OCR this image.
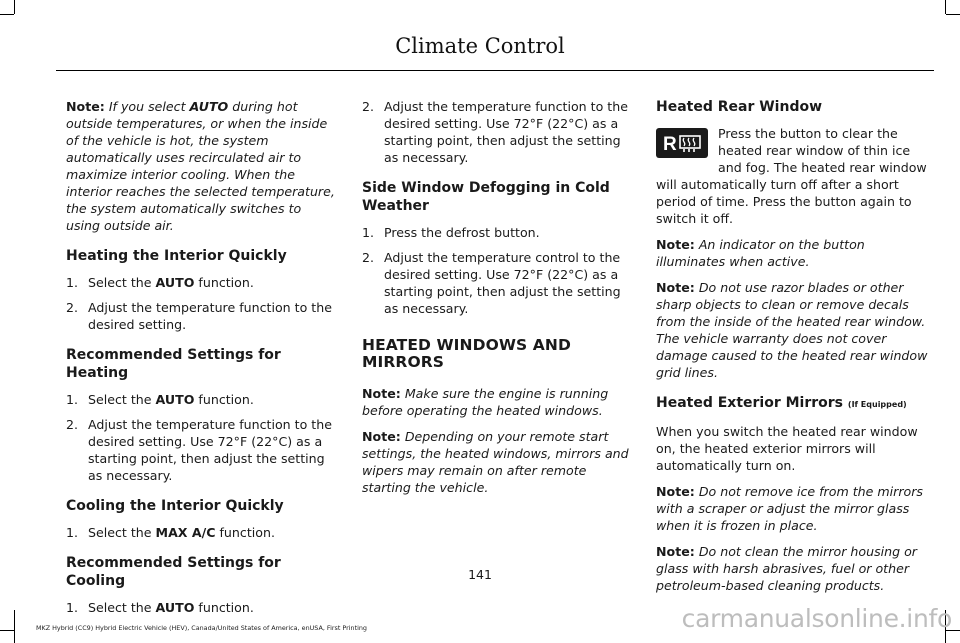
Climate Control

Note: If you select AUTO during hot outside temperatures, or when the inside of the vehicle is hot, the system automatically uses recirculated air to maximize interior cooling. When the interior reaches the selected temperature, the system automatically switches to using outside air.

Heating the Interior Quickly
1. Select the AUTO function.
2. Adjust the temperature function to the desired setting.
Recommended Settings for Heating
1. Select the AUTO function.
2. Adjust the temperature function to the desired setting. Use 72°F (22°C) as a starting point, then adjust the setting as necessary.
Cooling the Interior Quickly
1. Select the MAX A/C function.
Recommended Settings for Cooling
1. Select the AUTO function.
2. Adjust the temperature function to the desired setting. Use 72°F (22°C) as a starting point, then adjust the setting as necessary.
Side Window Defogging in Cold Weather
1. Press the defrost button.
2. Adjust the temperature control to the desired setting. Use 72°F (22°C) as a starting point, then adjust the setting as necessary.
HEATED WINDOWS AND MIRRORS

Note: Make sure the engine is running before operating the heated windows.

Note: Depending on your remote start settings, the heated windows, mirrors and wipers may remain on after remote starting the vehicle.

Heated Rear Window
R

Press the button to clear the heated rear window of thin ice and fog. The heated rear window will automatically turn off after a short period of time. Press the button again to switch it off.

Note: An indicator on the button illuminates when active.

Note: Do not use razor blades or other sharp objects to clean or remove decals from the inside of the heated rear window. The vehicle warranty does not cover damage caused to the heated rear window grid lines.

Heated Exterior Mirrors (If Equipped)

When you switch the heated rear window on, the heated exterior mirrors will automatically turn on.

Note: Do not remove ice from the mirrors with a scraper or adjust the mirror glass when it is frozen in place.

Note: Do not clean the mirror housing or glass with harsh abrasives, fuel or other petroleum-based cleaning products.

141
MKZ Hybrid (CC9) Hybrid Electric Vehicle (HEV), Canada/United States of America, enUSA, First Printing	carmanualsonline.info
